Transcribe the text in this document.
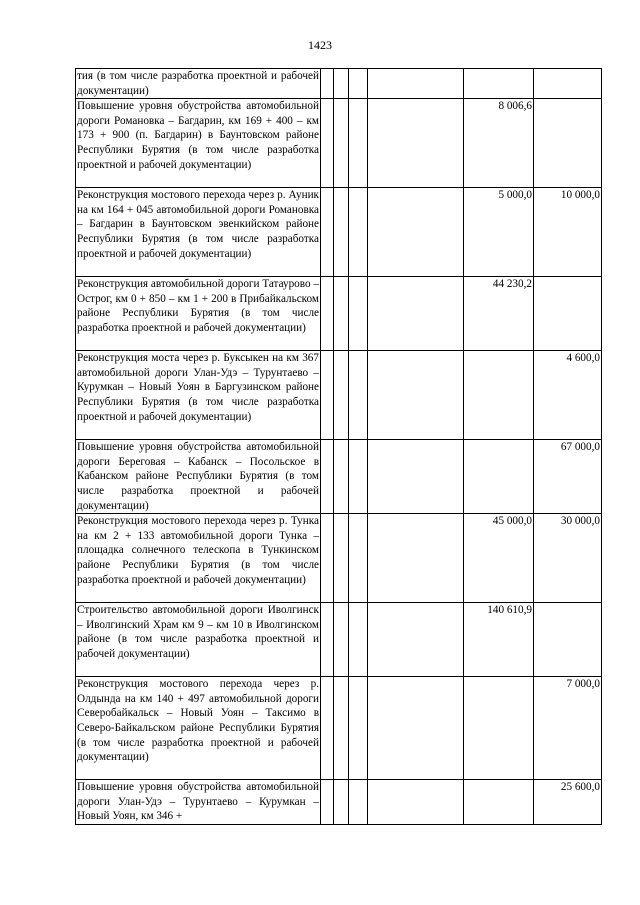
1423
тия (в том числе разработка проектной и рабочей документации)						
Повышение уровня обустройства автомобильной дороги Романовка – Багдарин, км 169 + 400 – км 173 + 900 (п. Багдарин) в Баунтовском районе Республики Бурятия (в том числе разработка проектной и рабочей документации)					8 006,6	
Реконструкция мостового перехода через р. Ауник на км 164 + 045 автомобильной дороги Романовка – Багдарин в Баунтовском эвенкийском районе Республики Бурятия (в том числе разработка проектной и рабочей документации)					5 000,0	10 000,0
Реконструкция автомобильной дороги Татаурово – Острог, км 0 + 850 – км 1 + 200 в Прибайкальском районе Республики Бурятия (в том числе разработка проектной и рабочей документации)					44 230,2	
Реконструкция моста через р. Буксыкен на км 367 автомобильной дороги Улан-Удэ – Турунтаево – Курумкан – Новый Уоян в Баргузинском районе Республики Бурятия (в том числе разработка проектной и рабочей документации)						4 600,0
Повышение уровня обустройства автомобильной дороги Береговая – Кабанск – Посольское в Кабанском районе Республики Бурятия (в том числе разработка проектной и рабочей документации)						67 000,0
Реконструкция мостового перехода через р. Тунка на км 2 + 133 автомобильной дороги Тунка – площадка солнечного телескопа в Тункинском районе Республики Бурятия (в том числе разработка проектной и рабочей документации)					45 000,0	30 000,0
Строительство автомобильной дороги Иволгинск – Иволгинский Храм км 9 – км 10 в Иволгинском районе (в том числе разработка проектной и рабочей документации)					140 610,9	
Реконструкция мостового перехода через р. Олдында на км 140 + 497 автомобильной дороги Северобайкальск – Новый Уоян – Таксимо в Северо-Байкальском районе Республики Бурятия (в том числе разработка проектной и рабочей документации)						7 000,0
Повышение уровня обустройства автомобильной дороги Улан-Удэ – Турунтаево – Курумкан – Новый Уоян, км 346 +						25 600,0
